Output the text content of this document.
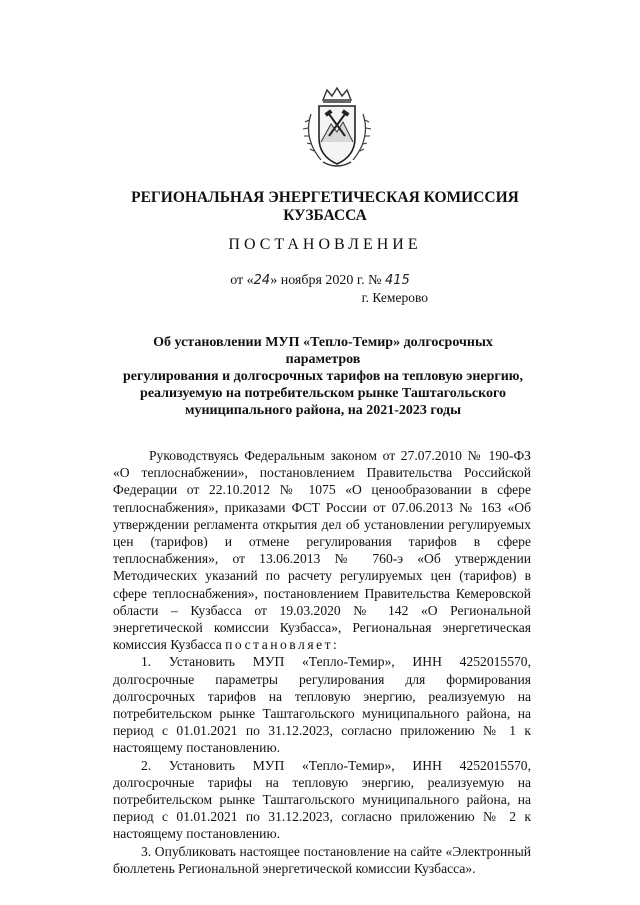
РЕГИОНАЛЬНАЯ ЭНЕРГЕТИЧЕСКАЯ КОМИССИЯ
КУЗБАССА
ПОСТАНОВЛЕНИЕ
от «24» ноября 2020 г. № 415
г. Кемерово
Об установлении МУП «Тепло-Темир» долгосрочных параметров
регулирования и долгосрочных тарифов на тепловую энергию,
реализуемую на потребительском рынке Таштагольского
муниципального района, на 2021-2023 годы

Руководствуясь Федеральным законом от 27.07.2010 № 190-ФЗ «О теплоснабжении», постановлением Правительства Российской Федерации от 22.10.2012 № 1075 «О ценообразовании в сфере теплоснабжения», приказами ФСТ России от 07.06.2013 № 163 «Об утверждении регламента открытия дел об установлении регулируемых цен (тарифов) и отмене регулирования тарифов в сфере теплоснабжения», от 13.06.2013 № 760-э «Об утверждении Методических указаний по расчету регулируемых цен (тарифов) в сфере теплоснабжения», постановлением Правительства Кемеровской области – Кузбасса от 19.03.2020 № 142 «О Региональной энергетической комиссии Кузбасса», Региональная энергетическая комиссия Кузбасса постановляет:

1. Установить МУП «Тепло-Темир», ИНН 4252015570, долгосрочные параметры регулирования для формирования долгосрочных тарифов на тепловую энергию, реализуемую на потребительском рынке Таштагольского муниципального района, на период с 01.01.2021 по 31.12.2023, согласно приложению № 1 к настоящему постановлению.

2. Установить МУП «Тепло-Темир», ИНН 4252015570, долгосрочные тарифы на тепловую энергию, реализуемую на потребительском рынке Таштагольского муниципального района, на период с 01.01.2021 по 31.12.2023, согласно приложению № 2 к настоящему постановлению.

3. Опубликовать настоящее постановление на сайте «Электронный бюллетень Региональной энергетической комиссии Кузбасса».
